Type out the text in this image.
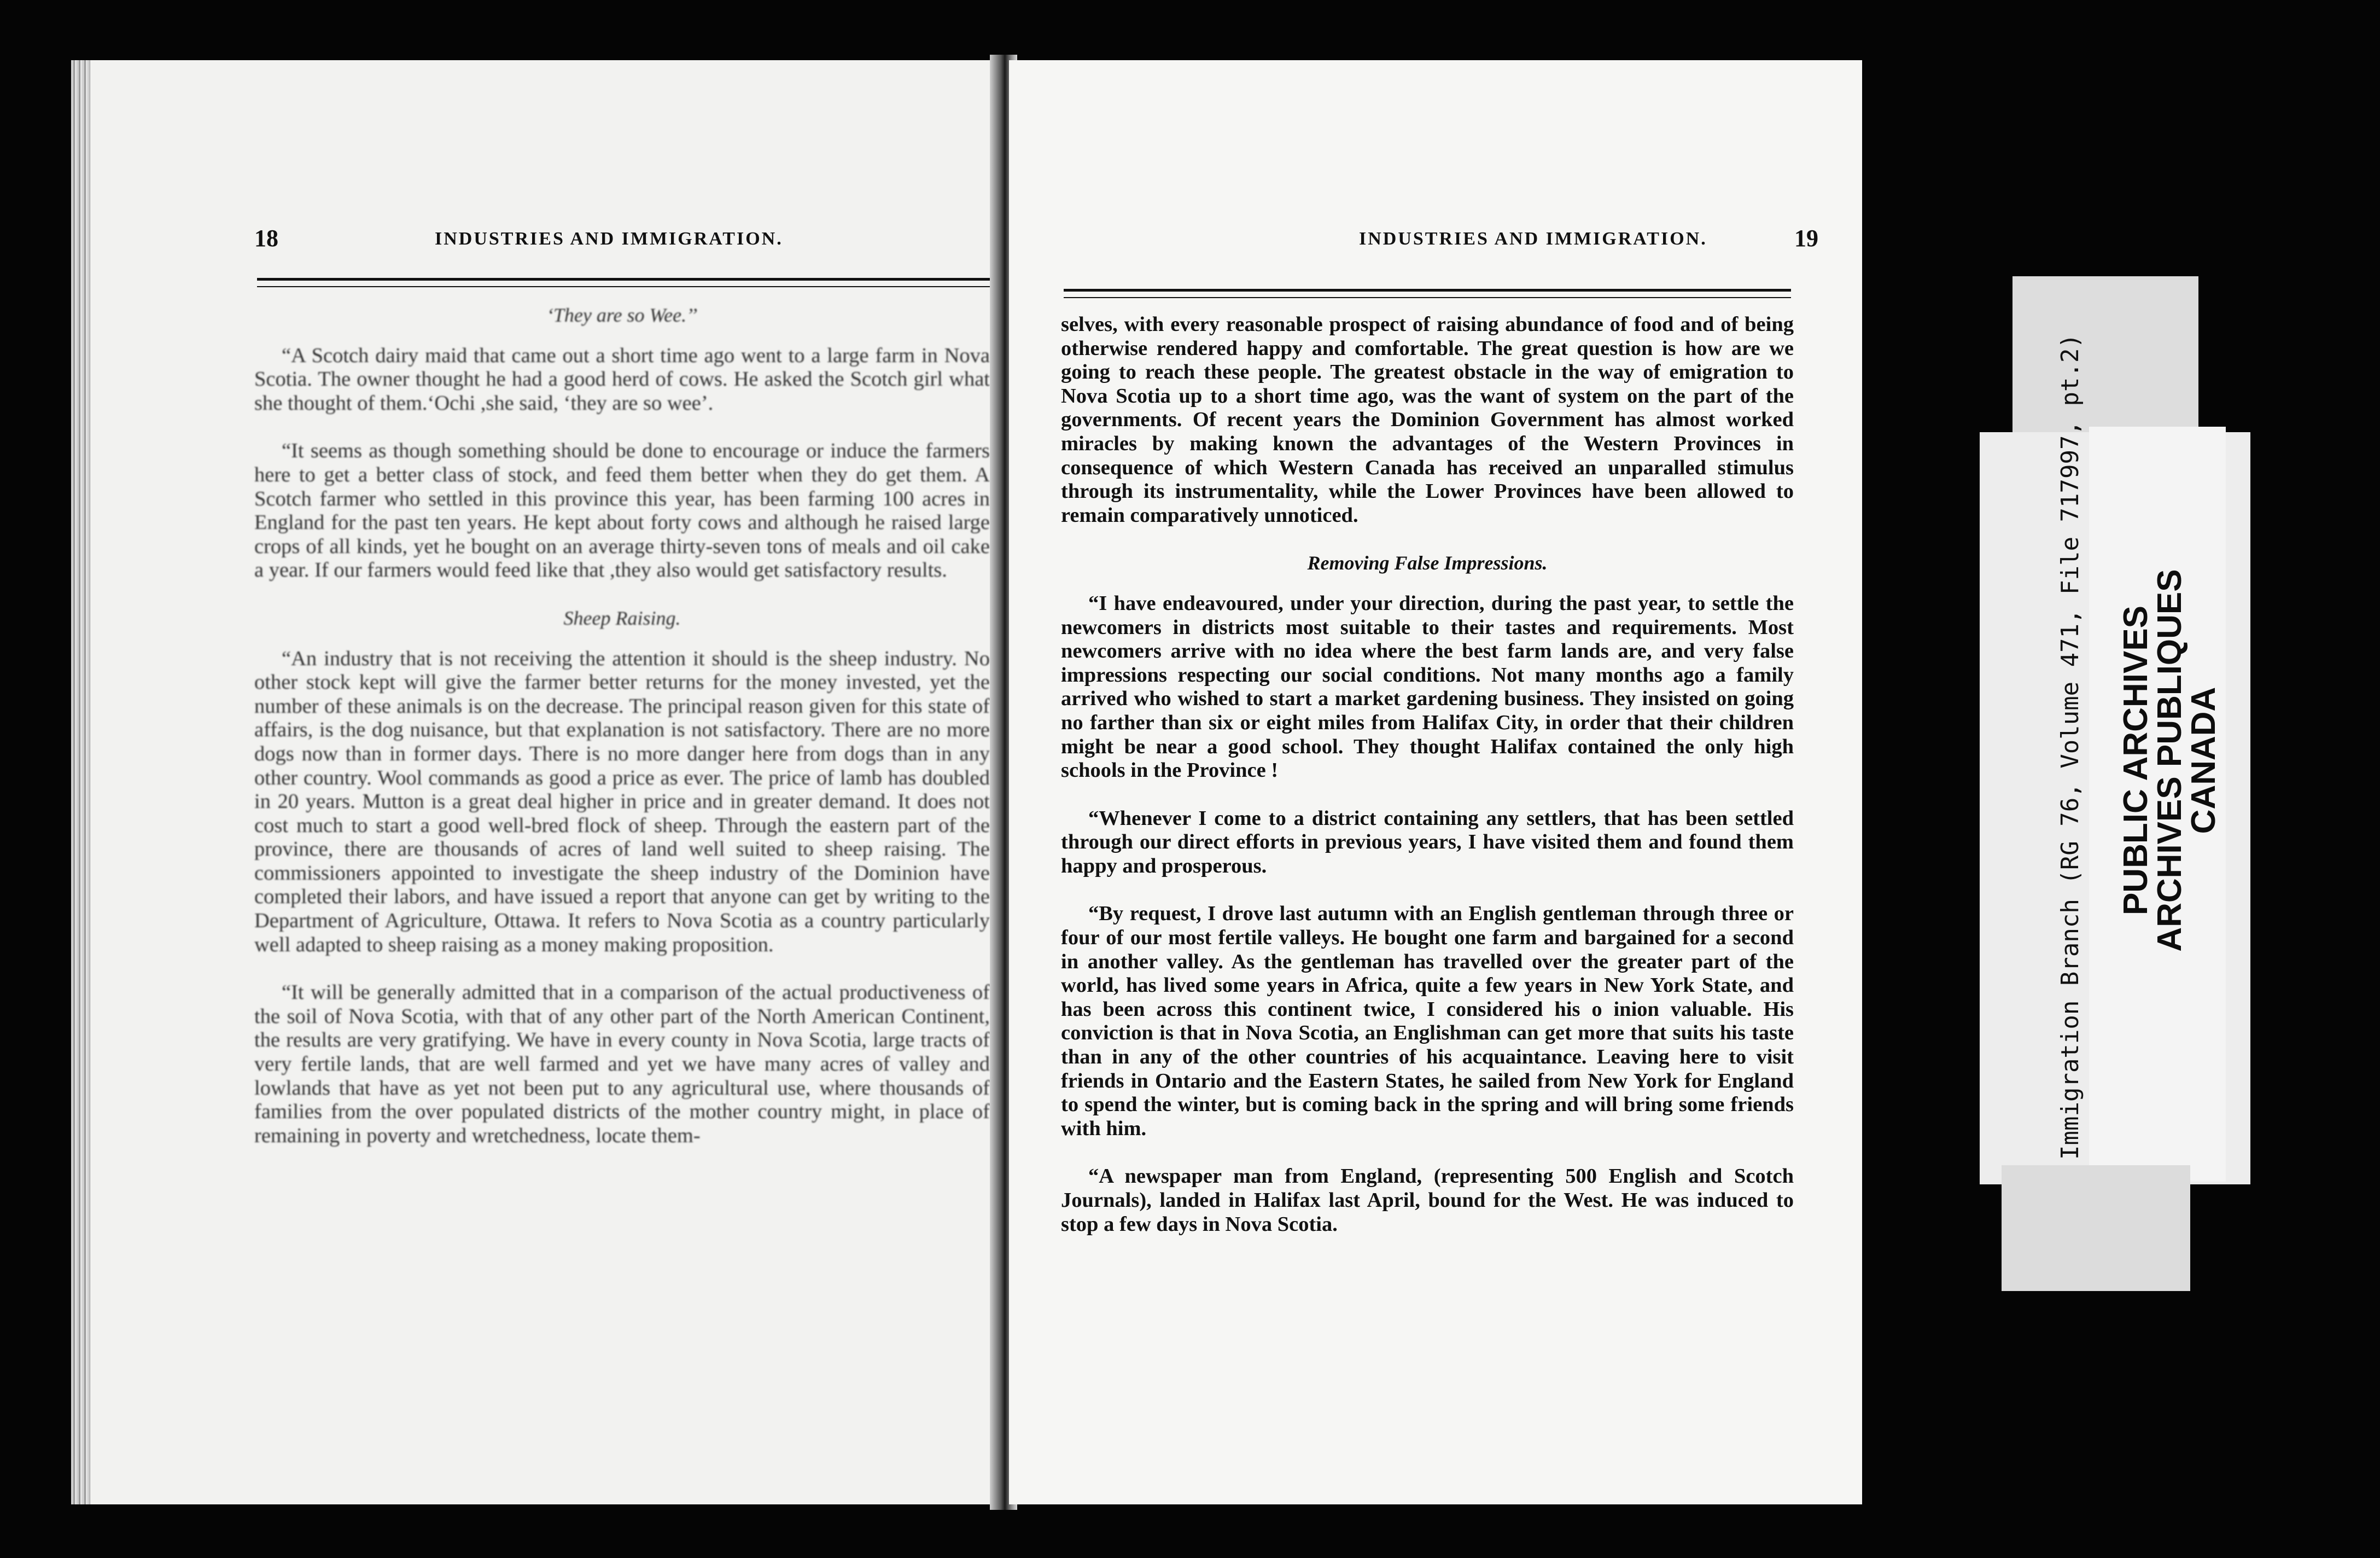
18	INDUSTRIES AND IMMIGRATION.
‘They are so Wee.’’

“A Scotch dairy maid that came out a short time ago went to a large farm in Nova Scotia. The owner thought he had a good herd of cows. He asked the Scotch girl what she thought of them.‘Ochi ,she said, ‘they are so wee’.

“It seems as though something should be done to encourage or induce the farmers here to get a better class of stock, and feed them better when they do get them. A Scotch farmer who settled in this province this year, has been farming 100 acres in England for the past ten years. He kept about forty cows and although he raised large crops of all kinds, yet he bought on an average thirty-seven tons of meals and oil cake a year. If our farmers would feed like that ,they also would get satisfactory results.

Sheep Raising.

“An industry that is not receiving the attention it should is the sheep industry. No other stock kept will give the farmer better returns for the money invested, yet the number of these animals is on the decrease. The principal reason given for this state of affairs, is the dog nuisance, but that explanation is not satisfactory. There are no more dogs now than in former days. There is no more danger here from dogs than in any other country. Wool commands as good a price as ever. The price of lamb has doubled in 20 years. Mutton is a great deal higher in price and in greater demand. It does not cost much to start a good well-bred flock of sheep. Through the eastern part of the province, there are thousands of acres of land well suited to sheep raising. The commissioners appointed to investigate the sheep industry of the Dominion have completed their labors, and have issued a report that anyone can get by writing to the Department of Agriculture, Ottawa. It refers to Nova Scotia as a country particularly well adapted to sheep raising as a money making proposition.

“It will be generally admitted that in a comparison of the actual productiveness of the soil of Nova Scotia, with that of any other part of the North American Continent, the results are very gratifying. We have in every county in Nova Scotia, large tracts of very fertile lands, that are well farmed and yet we have many acres of valley and lowlands that have as yet not been put to any agricultural use, where thousands of families from the over populated districts of the mother country might, in place of remaining in poverty and wretchedness, locate them-

INDUSTRIES AND IMMIGRATION.	19

selves, with every reasonable prospect of raising abundance of food and of being otherwise rendered happy and comfortable. The great question is how are we going to reach these people. The greatest obstacle in the way of emigration to Nova Scotia up to a short time ago, was the want of system on the part of the governments. Of recent years the Dominion Government has almost worked miracles by making known the advantages of the Western Provinces in consequence of which Western Canada has received an unparalled stimulus through its instrumentality, while the Lower Provinces have been allowed to remain comparatively unnoticed.

Removing False Impressions.

“I have endeavoured, under your direction, during the past year, to settle the newcomers in districts most suitable to their tastes and requirements. Most newcomers arrive with no idea where the best farm lands are, and very false impressions respecting our social conditions. Not many months ago a family arrived who wished to start a market gardening business. They insisted on going no farther than six or eight miles from Halifax City, in order that their children might be near a good school. They thought Halifax contained the only high schools in the Province !

“Whenever I come to a district containing any settlers, that has been settled through our direct efforts in previous years, I have visited them and found them happy and prosperous.

“By request, I drove last autumn with an English gentleman through three or four of our most fertile valleys. He bought one farm and bargained for a second in another valley. As the gentleman has travelled over the greater part of the world, has lived some years in Africa, quite a few years in New York State, and has been across this continent twice, I considered his o inion valuable. His conviction is that in Nova Scotia, an Englishman can get more that suits his taste than in any of the other countries of his acquaintance. Leaving here to visit friends in Ontario and the Eastern States, he sailed from New York for England to spend the winter, but is coming back in the spring and will bring some friends with him.

“A newspaper man from England, (representing 500 English and Scotch Journals), landed in Halifax last April, bound for the West. He was induced to stop a few days in Nova Scotia.

Immigration Branch (RG 76, Volume 471, File 717997, pt.2) PUBLIC ARCHIVES
ARCHIVES PUBLIQUES
CANADA
